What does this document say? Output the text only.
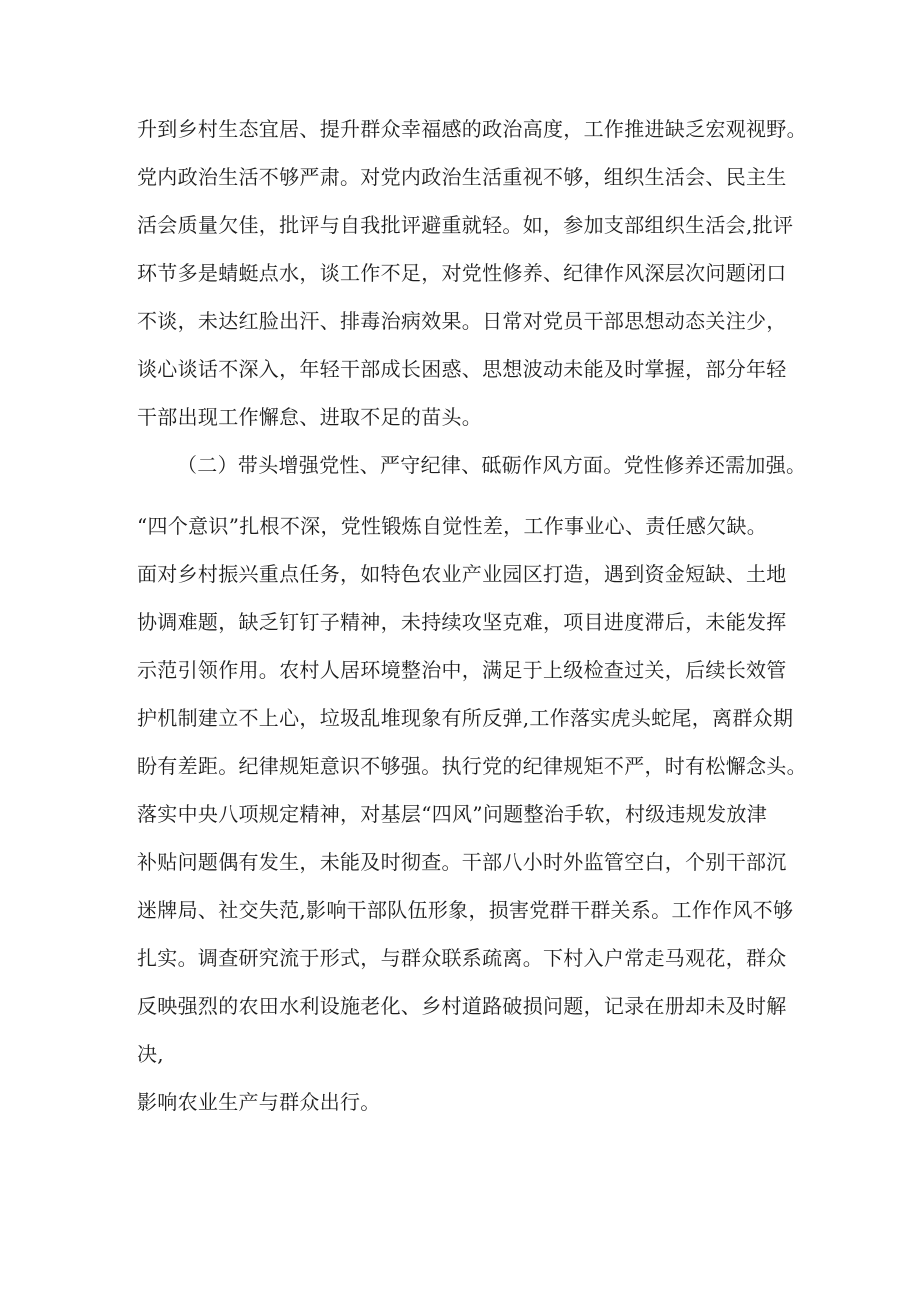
升到乡村生态宜居、提升群众幸福感的政治高度，工作推进缺乏宏观视野。
党内政治生活不够严肃。对党内政治生活重视不够，组织生活会、民主生
活会质量欠佳，批评与自我批评避重就轻。如，参加支部组织生活会,批评
环节多是蜻蜓点水，谈工作不足，对党性修养、纪律作风深层次问题闭口
不谈，未达红脸出汗、排毒治病效果。日常对党员干部思想动态关注少，
谈心谈话不深入，年轻干部成长困惑、思想波动未能及时掌握，部分年轻
干部出现工作懈怠、进取不足的苗头。
（二）带头增强党性、严守纪律、砥砺作风方面。党性修养还需加强。
“四个意识”扎根不深，党性锻炼自觉性差，工作事业心、责任感欠缺。
面对乡村振兴重点任务，如特色农业产业园区打造，遇到资金短缺、土地
协调难题，缺乏钉钉子精神，未持续攻坚克难，项目进度滞后，未能发挥
示范引领作用。农村人居环境整治中，满足于上级检查过关，后续长效管
护机制建立不上心，垃圾乱堆现象有所反弹,工作落实虎头蛇尾，离群众期
盼有差距。纪律规矩意识不够强。执行党的纪律规矩不严，时有松懈念头。
落实中央八项规定精神，对基层“四风”问题整治手软，村级违规发放津
补贴问题偶有发生，未能及时彻查。干部八小时外监管空白，个别干部沉
迷牌局、社交失范,影响干部队伍形象，损害党群干群关系。工作作风不够
扎实。调查研究流于形式，与群众联系疏离。下村入户常走马观花，群众
反映强烈的农田水利设施老化、乡村道路破损问题，记录在册却未及时解
决,
影响农业生产与群众出行。
